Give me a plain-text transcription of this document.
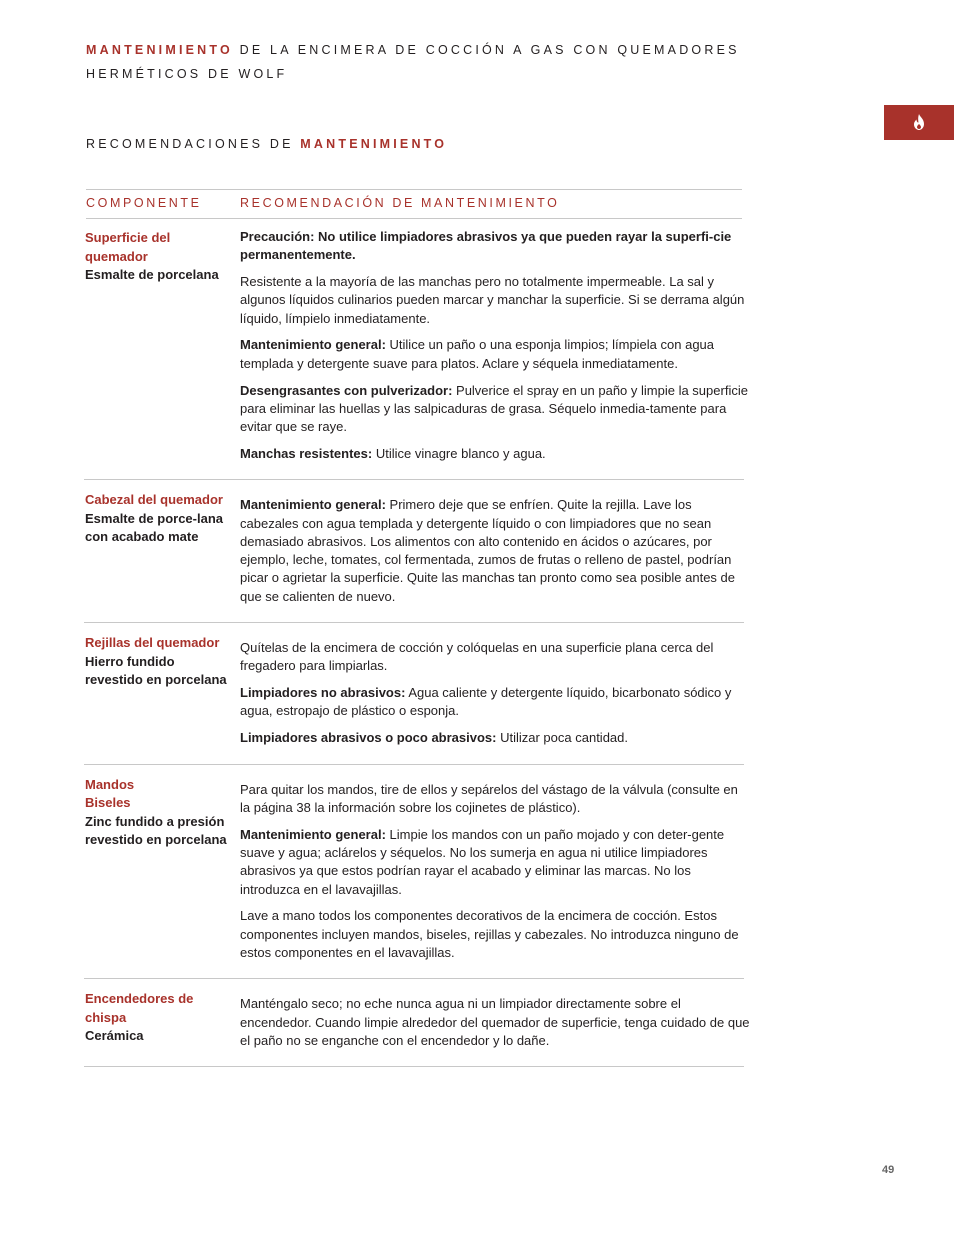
MANTENIMIENTO DE LA ENCIMERA DE COCCIÓN A GAS CON QUEMADORES
HERMÉTICOS DE WOLF
RECOMENDACIONES DE MANTENIMIENTO
COMPONENTE	RECOMENDACIÓN DE MANTENIMIENTO
Superficie del quemador
Esmalte de porcelana

Precaución: No utilice limpiadores abrasivos ya que pueden rayar la superfi-cie permanentemente.

Resistente a la mayoría de las manchas pero no totalmente impermeable. La sal y algunos líquidos culinarios pueden marcar y manchar la superficie. Si se derrama algún líquido, límpielo inmediatamente.

Mantenimiento general: Utilice un paño o una esponja limpios; límpiela con agua templada y detergente suave para platos. Aclare y séquela inmediatamente.

Desengrasantes con pulverizador: Pulverice el spray en un paño y limpie la superficie para eliminar las huellas y las salpicaduras de grasa. Séquelo inmedia-tamente para evitar que se raye.

Manchas resistentes: Utilice vinagre blanco y agua.

Cabezal del quemador
Esmalte de porce-lana con acabado mate

Mantenimiento general: Primero deje que se enfríen. Quite la rejilla. Lave los cabezales con agua templada y detergente líquido o con limpiadores que no sean demasiado abrasivos. Los alimentos con alto contenido en ácidos o azúcares, por ejemplo, leche, tomates, col fermentada, zumos de frutas o relleno de pastel, podrían picar o agrietar la superficie. Quite las manchas tan pronto como sea posible antes de que se calienten de nuevo.

Rejillas del quemador
Hierro fundido revestido en porcelana

Quítelas de la encimera de cocción y colóquelas en una superficie plana cerca del fregadero para limpiarlas.

Limpiadores no abrasivos: Agua caliente y detergente líquido, bicarbonato sódico y agua, estropajo de plástico o esponja.

Limpiadores abrasivos o poco abrasivos: Utilizar poca cantidad.

Mandos Biseles
Zinc fundido a presión revestido en porcelana

Para quitar los mandos, tire de ellos y sepárelos del vástago de la válvula (consulte en la página 38 la información sobre los cojinetes de plástico).

Mantenimiento general: Limpie los mandos con un paño mojado y con deter-gente suave y agua; aclárelos y séquelos. No los sumerja en agua ni utilice limpiadores abrasivos ya que estos podrían rayar el acabado y eliminar las marcas. No los introduzca en el lavavajillas.

Lave a mano todos los componentes decorativos de la encimera de cocción. Estos componentes incluyen mandos, biseles, rejillas y cabezales. No introduzca ninguno de estos componentes en el lavavajillas.

Encendedores de chispa
Cerámica

Manténgalo seco; no eche nunca agua ni un limpiador directamente sobre el encendedor. Cuando limpie alrededor del quemador de superficie, tenga cuidado de que el paño no se enganche con el encendedor y lo dañe.

49
